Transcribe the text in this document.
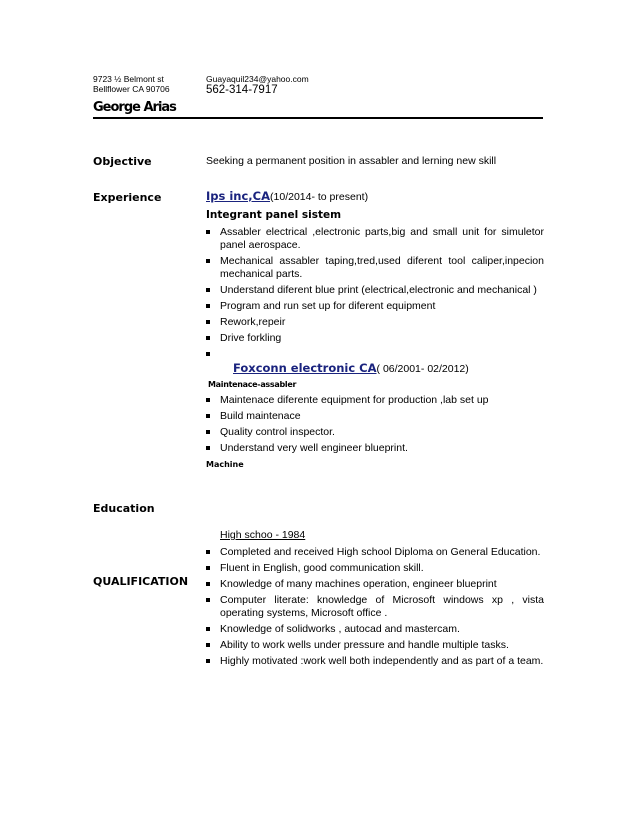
9723 ½ Belmont st
Bellflower CA 90706
Guayaquil234@yahoo.com
562-314-7917
George Arias
Objective	Seeking a permanent position in assabler and lerning new skill
Experience	Ips inc,CA(10/2014- to present)
Integrant panel sistem
Assabler electrical ,electronic parts,big and small unit for simuletor panel aerospace.
Mechanical assabler taping,tred,used diferent tool caliper,inpecion mechanical parts.
Understand diferent blue print (electrical,electronic and mechanical )
Program and run set up for diferent equipment
Rework,repeir
Drive forkling
Foxconn electronic CA( 06/2001- 02/2012)
Maintenace-assabler
Maintenace diferente equipment for production ,lab set up
Build maintenace
Quality control inspector.
Understand very well engineer blueprint.
Machine
Education
High schoo - 1984
QUALIFICATION
Completed and received High school Diploma on General Education.
Fluent in English, good communication skill.
Knowledge of many machines operation, engineer blueprint
Computer literate: knowledge of Microsoft windows xp , vista operating systems, Microsoft office .
Knowledge of solidworks , autocad and mastercam.
Ability to work wells under pressure and handle multiple tasks.
Highly motivated :work well both independently and as part of a team.
